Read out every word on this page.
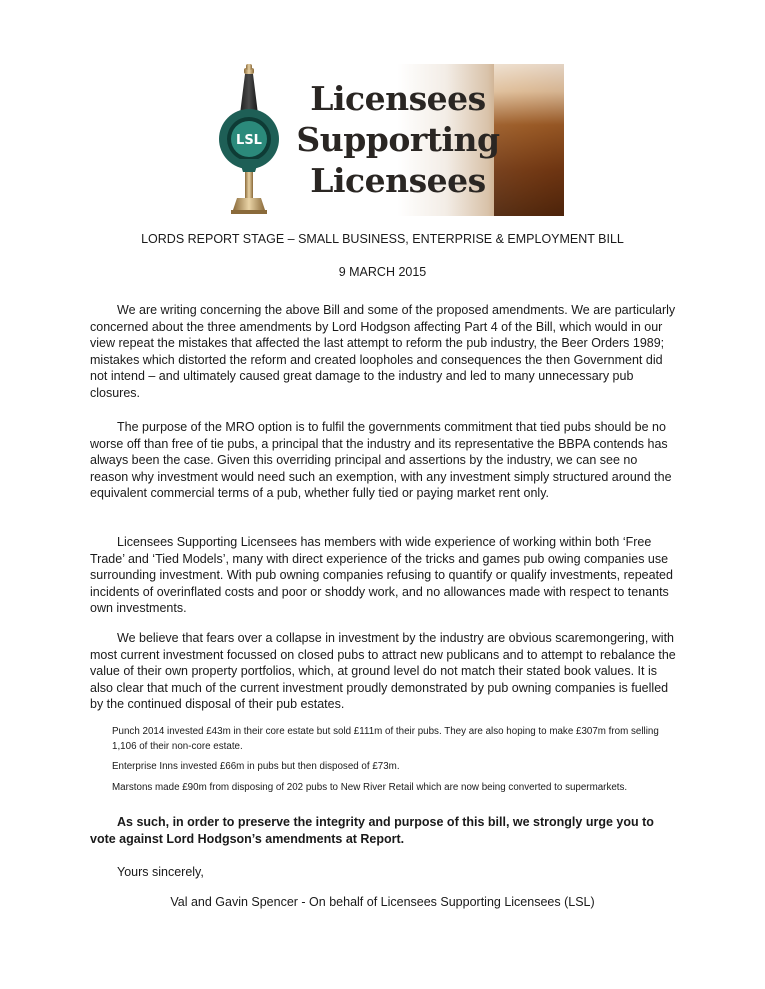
LSL
Licensees
Supporting
Licensees
LORDS REPORT STAGE – SMALL BUSINESS, ENTERPRISE & EMPLOYMENT BILL
9 MARCH 2015
We are writing concerning the above Bill and some of the proposed amendments. We are particularly concerned about the three amendments by Lord Hodgson affecting Part 4 of the Bill, which would in our view repeat the mistakes that affected the last attempt to reform the pub industry, the Beer Orders 1989; mistakes which distorted the reform and created loopholes and consequences the then Government did not intend – and ultimately caused great damage to the industry and led to many unnecessary pub closures.
The purpose of the MRO option is to fulfil the governments commitment that tied pubs should be no worse off than free of tie pubs, a principal that the industry and its representative the BBPA contends has always been the case. Given this overriding principal and assertions by the industry, we can see no reason why investment would need such an exemption, with any investment simply structured around the equivalent commercial terms of a pub, whether fully tied or paying market rent only.
Licensees Supporting Licensees has members with wide experience of working within both ‘Free Trade’ and ‘Tied Models’, many with direct experience of the tricks and games pub owing companies use surrounding investment. With pub owning companies refusing to quantify or qualify investments, repeated incidents of overinflated costs and poor or shoddy work, and no allowances made with respect to tenants own investments.
We believe that fears over a collapse in investment by the industry are obvious scaremongering, with most current investment focussed on closed pubs to attract new publicans and to attempt to rebalance the value of their own property portfolios, which, at ground level do not match their stated book values. It is also clear that much of the current investment proudly demonstrated by pub owning companies is fuelled by the continued disposal of their pub estates.
Punch 2014 invested £43m in their core estate but sold £111m of their pubs. They are also hoping to make £307m from selling 1,106 of their non-core estate.
Enterprise Inns invested £66m in pubs but then disposed of £73m.
Marstons made £90m from disposing of 202 pubs to New River Retail which are now being converted to supermarkets.
As such, in order to preserve the integrity and purpose of this bill, we strongly urge you to vote against Lord Hodgson’s amendments at Report.
Yours sincerely,
Val and Gavin Spencer - On behalf of Licensees Supporting Licensees (LSL)
